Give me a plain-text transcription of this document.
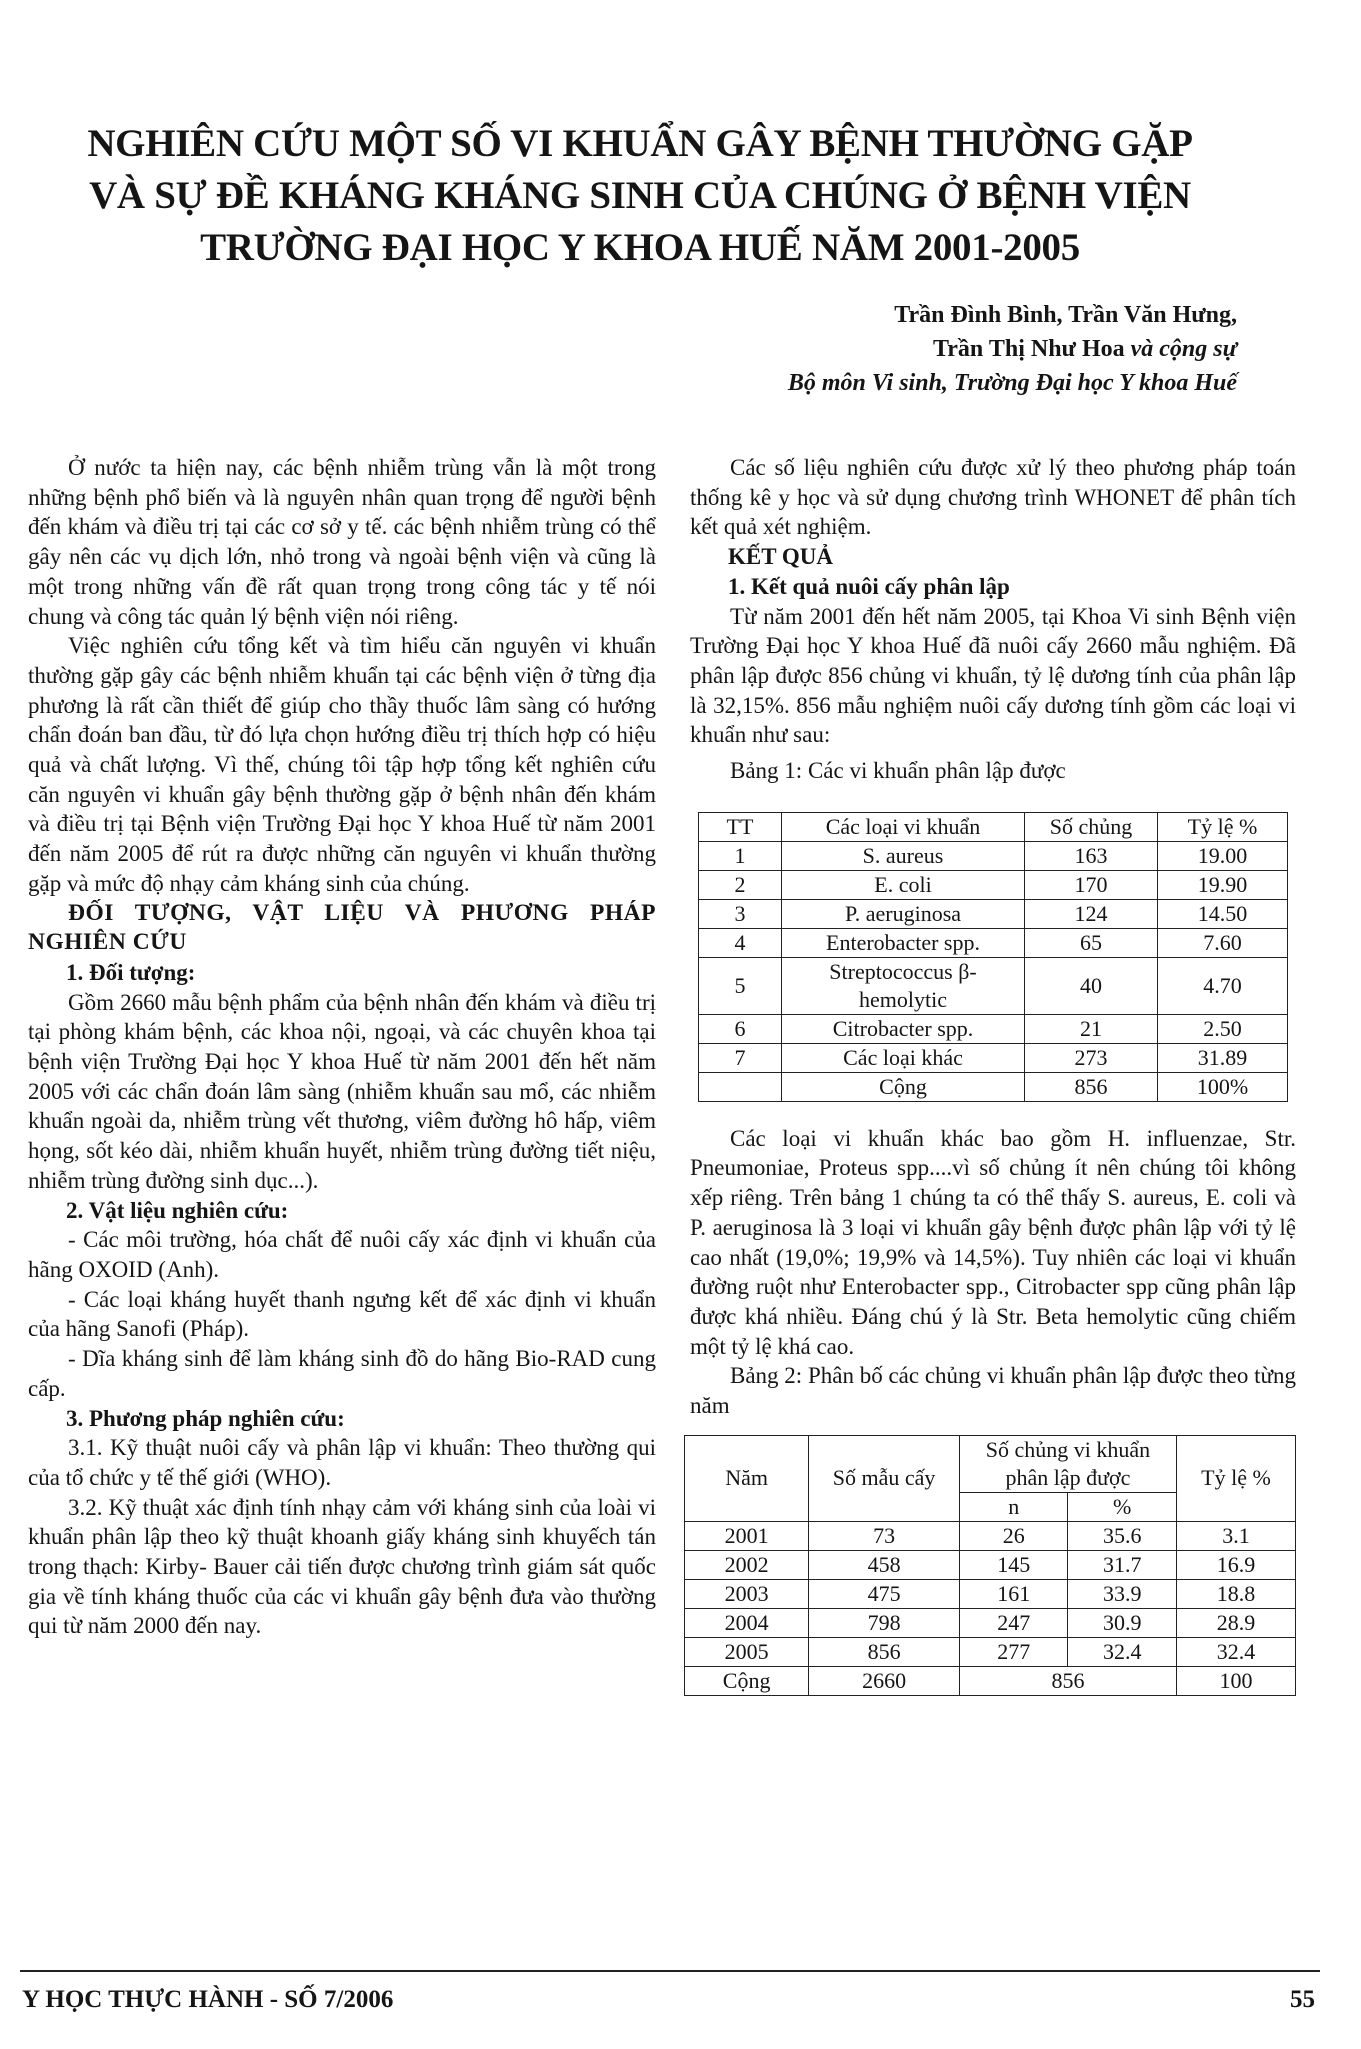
NGHIÊN CỨU MỘT SỐ VI KHUẨN GÂY BỆNH THƯỜNG GẶP
VÀ SỰ ĐỀ KHÁNG KHÁNG SINH CỦA CHÚNG Ở BỆNH VIỆN
TRƯỜNG ĐẠI HỌC Y KHOA HUẾ NĂM 2001-2005
Trần Đình Bình, Trần Văn Hưng,
Trần Thị Như Hoa và cộng sự
Bộ môn Vi sinh, Trường Đại học Y khoa Huế

Ở nước ta hiện nay, các bệnh nhiễm trùng vẫn là một trong những bệnh phổ biến và là nguyên nhân quan trọng để người bệnh đến khám và điều trị tại các cơ sở y tế. các bệnh nhiễm trùng có thể gây nên các vụ dịch lớn, nhỏ trong và ngoài bệnh viện và cũng là một trong những vấn đề rất quan trọng trong công tác y tế nói chung và công tác quản lý bệnh viện nói riêng.

Việc nghiên cứu tổng kết và tìm hiểu căn nguyên vi khuẩn thường gặp gây các bệnh nhiễm khuẩn tại các bệnh viện ở từng địa phương là rất cần thiết để giúp cho thầy thuốc lâm sàng có hướng chẩn đoán ban đầu, từ đó lựa chọn hướng điều trị thích hợp có hiệu quả và chất lượng. Vì thế, chúng tôi tập hợp tổng kết nghiên cứu căn nguyên vi khuẩn gây bệnh thường gặp ở bệnh nhân đến khám và điều trị tại Bệnh viện Trường Đại học Y khoa Huế từ năm 2001 đến năm 2005 để rút ra được những căn nguyên vi khuẩn thường gặp và mức độ nhạy cảm kháng sinh của chúng.

ĐỐI TƯỢNG, VẬT LIỆU VÀ PHƯƠNG PHÁP NGHIÊN CỨU

1. Đối tượng:

Gồm 2660 mẫu bệnh phẩm của bệnh nhân đến khám và điều trị tại phòng khám bệnh, các khoa nội, ngoại, và các chuyên khoa tại bệnh viện Trường Đại học Y khoa Huế từ năm 2001 đến hết năm 2005 với các chẩn đoán lâm sàng (nhiễm khuẩn sau mổ, các nhiễm khuẩn ngoài da, nhiễm trùng vết thương, viêm đường hô hấp, viêm họng, sốt kéo dài, nhiễm khuẩn huyết, nhiễm trùng đường tiết niệu, nhiễm trùng đường sinh dục...).

2. Vật liệu nghiên cứu:

- Các môi trường, hóa chất để nuôi cấy xác định vi khuẩn của hãng OXOID (Anh).

- Các loại kháng huyết thanh ngưng kết để xác định vi khuẩn của hãng Sanofi (Pháp).

- Dĩa kháng sinh để làm kháng sinh đồ do hãng Bio-RAD cung cấp.

3. Phương pháp nghiên cứu:

3.1. Kỹ thuật nuôi cấy và phân lập vi khuẩn: Theo thường qui của tổ chức y tế thế giới (WHO).

3.2. Kỹ thuật xác định tính nhạy cảm với kháng sinh của loài vi khuẩn phân lập theo kỹ thuật khoanh giấy kháng sinh khuyếch tán trong thạch: Kirby- Bauer cải tiến được chương trình giám sát quốc gia về tính kháng thuốc của các vi khuẩn gây bệnh đưa vào thường qui từ năm 2000 đến nay.

Các số liệu nghiên cứu được xử lý theo phương pháp toán thống kê y học và sử dụng chương trình WHONET để phân tích kết quả xét nghiệm.

KẾT QUẢ

1. Kết quả nuôi cấy phân lập

Từ năm 2001 đến hết năm 2005, tại Khoa Vi sinh Bệnh viện Trường Đại học Y khoa Huế đã nuôi cấy 2660 mẫu nghiệm. Đã phân lập được 856 chủng vi khuẩn, tỷ lệ dương tính của phân lập là 32,15%. 856 mẫu nghiệm nuôi cấy dương tính gồm các loại vi khuẩn như sau:

Bảng 1: Các vi khuẩn phân lập được

TT	Các loại vi khuẩn	Số chủng	Tỷ lệ %
1	S. aureus	163	19.00
2	E. coli	170	19.90
3	P. aeruginosa	124	14.50
4	Enterobacter spp.	65	7.60
5	Streptococcus β-hemolytic	40	4.70
6	Citrobacter spp.	21	2.50
7	Các loại khác	273	31.89
	Cộng	856	100%

Các loại vi khuẩn khác bao gồm H. influenzae, Str. Pneumoniae, Proteus spp....vì số chủng ít nên chúng tôi không xếp riêng. Trên bảng 1 chúng ta có thể thấy S. aureus, E. coli và P. aeruginosa là 3 loại vi khuẩn gây bệnh được phân lập với tỷ lệ cao nhất (19,0%; 19,9% và 14,5%). Tuy nhiên các loại vi khuẩn đường ruột như Enterobacter spp., Citrobacter spp cũng phân lập được khá nhiều. Đáng chú ý là Str. Beta hemolytic cũng chiếm một tỷ lệ khá cao.

Bảng 2: Phân bố các chủng vi khuẩn phân lập được theo từng năm

Năm	Số mẫu cấy	Số chủng vi khuẩn phân lập được		Tỷ lệ %
		n	%	
2001	73	26	35.6	3.1
2002	458	145	31.7	16.9
2003	475	161	33.9	18.8
2004	798	247	30.9	28.9
2005	856	277	32.4	32.4
Cộng	2660	856		100
Y HỌC THỰC HÀNH - SỐ 7/2006	55
